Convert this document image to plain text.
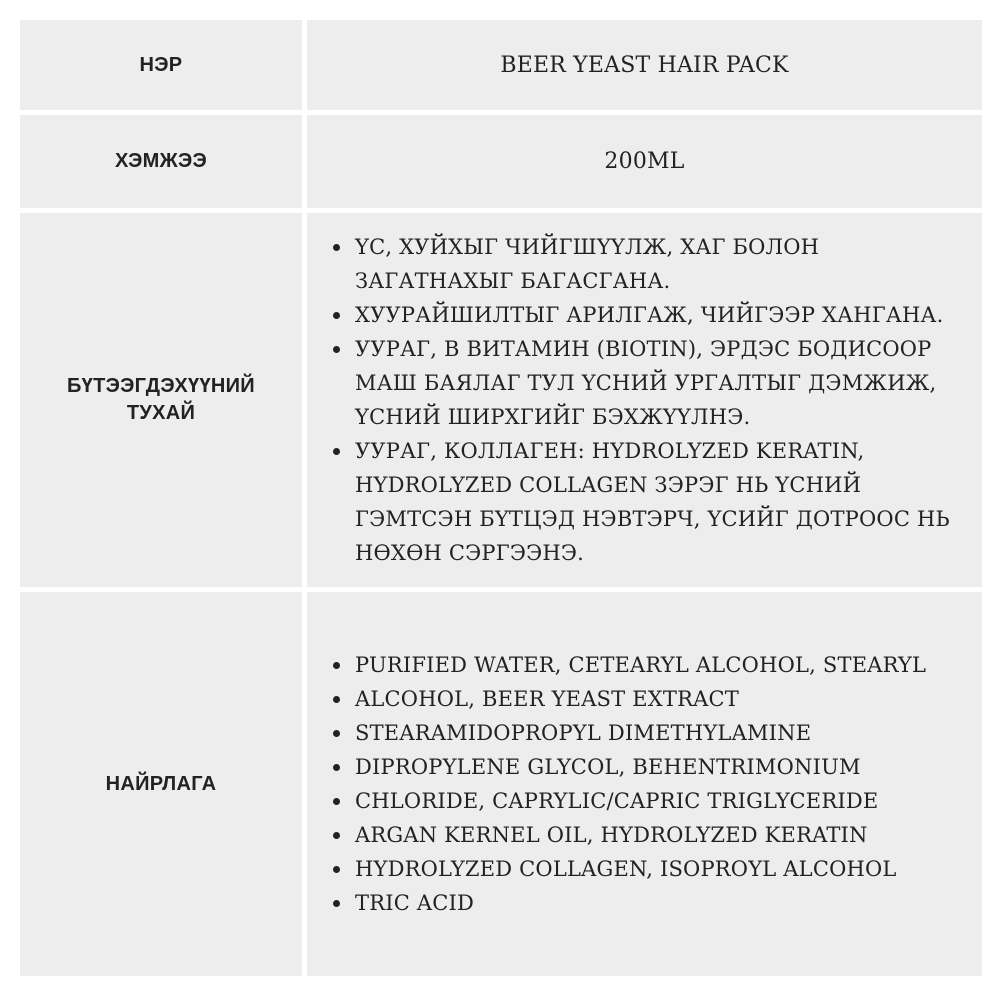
НЭР	BEER YEAST HAIR PACK
ХЭМЖЭЭ	200ML
БҮТЭЭГДЭХҮҮНИЙ ТУХАЙ
ҮС, ХУЙХЫГ ЧИЙГШҮҮЛЖ, ХАГ БОЛОН ЗАГАТНАХЫГ БАГАСГАНА.
ХУУРАЙШИЛТЫГ АРИЛГАЖ, ЧИЙГЭЭР ХАНГАНА.
УУРАГ, В ВИТАМИН (BIOTIN), ЭРДЭС БОДИСООР МАШ БАЯЛАГ ТУЛ ҮСНИЙ УРГАЛТЫГ ДЭМЖИЖ, ҮСНИЙ ШИРХГИЙГ БЭХЖҮҮЛНЭ.
УУРАГ, КОЛЛАГЕН: HYDROLYZED KERATIN, HYDROLYZED COLLAGEN ЗЭРЭГ НЬ ҮСНИЙ ГЭМТСЭН БҮТЦЭД НЭВТЭРЧ, ҮСИЙГ ДОТРООС НЬ НӨХӨН СЭРГЭЭНЭ.
НАЙРЛАГА
PURIFIED WATER, CETEARYL ALCOHOL, STEARYL
ALCOHOL, BEER YEAST EXTRACT
STEARAMIDOPROPYL DIMETHYLAMINE
DIPROPYLENE GLYCOL, BEHENTRIMONIUM
CHLORIDE, CAPRYLIC/CAPRIC TRIGLYCERIDE
ARGAN KERNEL OIL, HYDROLYZED KERATIN
HYDROLYZED COLLAGEN, ISOPROYL ALCOHOL
TRIC ACID
